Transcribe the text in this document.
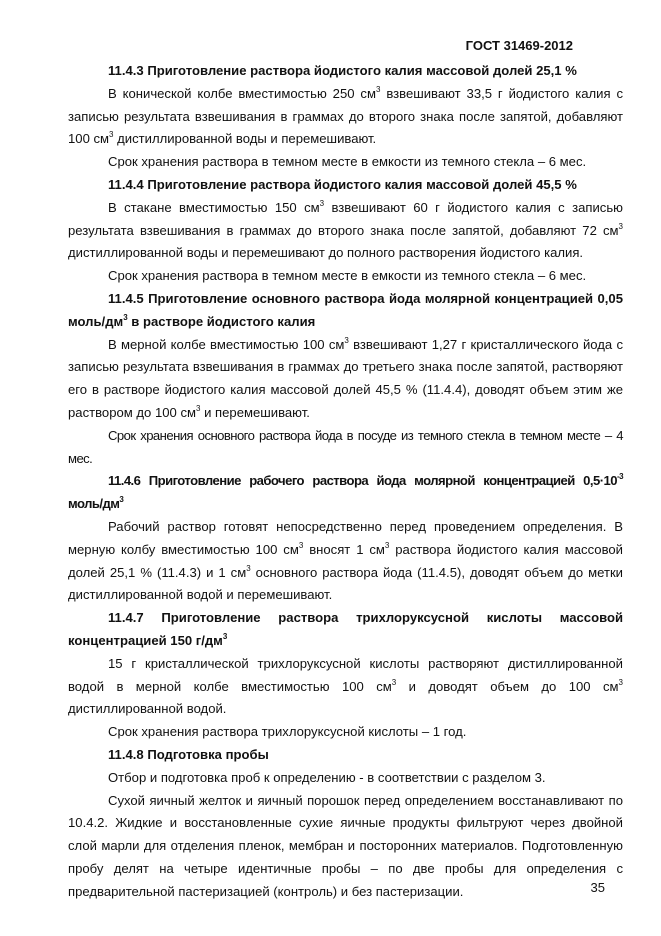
ГОСТ 31469-2012

11.4.3 Приготовление раствора йодистого калия массовой долей 25,1 %

В конической колбе вместимостью 250 $см^3$ взвешивают 33,5 г йодистого калия с записью результата взвешивания в граммах до второго знака после запятой, добавляют 100 $см^3$ дистиллированной воды и перемешивают.

Срок хранения раствора в темном месте в емкости из темного стекла – 6 мес.

11.4.4 Приготовление раствора йодистого калия массовой долей 45,5 %

В стакане вместимостью 150 $см^3$ взвешивают 60 г йодистого калия с записью результата взвешивания в граммах до второго знака после запятой, добавляют 72 $см^3$ дистиллированной воды и перемешивают до полного растворения йодистого калия.

Срок хранения раствора в темном месте в емкости из темного стекла – 6 мес.

11.4.5 Приготовление основного раствора йода молярной концентрацией 0,05 моль/$дм^3$ в растворе йодистого калия

В мерной колбе вместимостью 100 $см^3$ взвешивают 1,27 г кристаллического йода с записью результата взвешивания в граммах до третьего знака после запятой, растворяют его в растворе йодистого калия массовой долей 45,5 % (11.4.4), доводят объем этим же раствором до 100 $см^3$ и перемешивают.

Срок хранения основного раствора йода в посуде из темного стекла в темном месте – 4 мес.

11.4.6 Приготовление рабочего раствора йода молярной концентрацией $0,5\cdot 10^{-3}$ моль/$дм^3$

Рабочий раствор готовят непосредственно перед проведением определения. В мерную колбу вместимостью 100 $см^3$ вносят 1 $см^3$ раствора йодистого калия массовой долей 25,1 % (11.4.3) и 1 $см^3$ основного раствора йода (11.4.5), доводят объем до метки дистиллированной водой и перемешивают.

11.4.7 Приготовление раствора трихлоруксусной кислоты массовой концентрацией 150 $г/дм^3$

15 г кристаллической трихлоруксусной кислоты растворяют дистиллированной водой в мерной колбе вместимостью 100 $см^3$ и доводят объем до 100 $см^3$ дистиллированной водой.

Срок хранения раствора трихлоруксусной кислоты – 1 год.

11.4.8 Подготовка пробы

Отбор и подготовка проб к определению - в соответствии с разделом 3.

Сухой яичный желток и яичный порошок перед определением восстанавливают по 10.4.2. Жидкие и восстановленные сухие яичные продукты фильтруют через двойной слой марли для отделения пленок, мембран и посторонних материалов. Подготовленную пробу делят на четыре идентичные пробы – по две пробы для определения с предварительной пастеризацией (контроль) и без пастеризации.	35
